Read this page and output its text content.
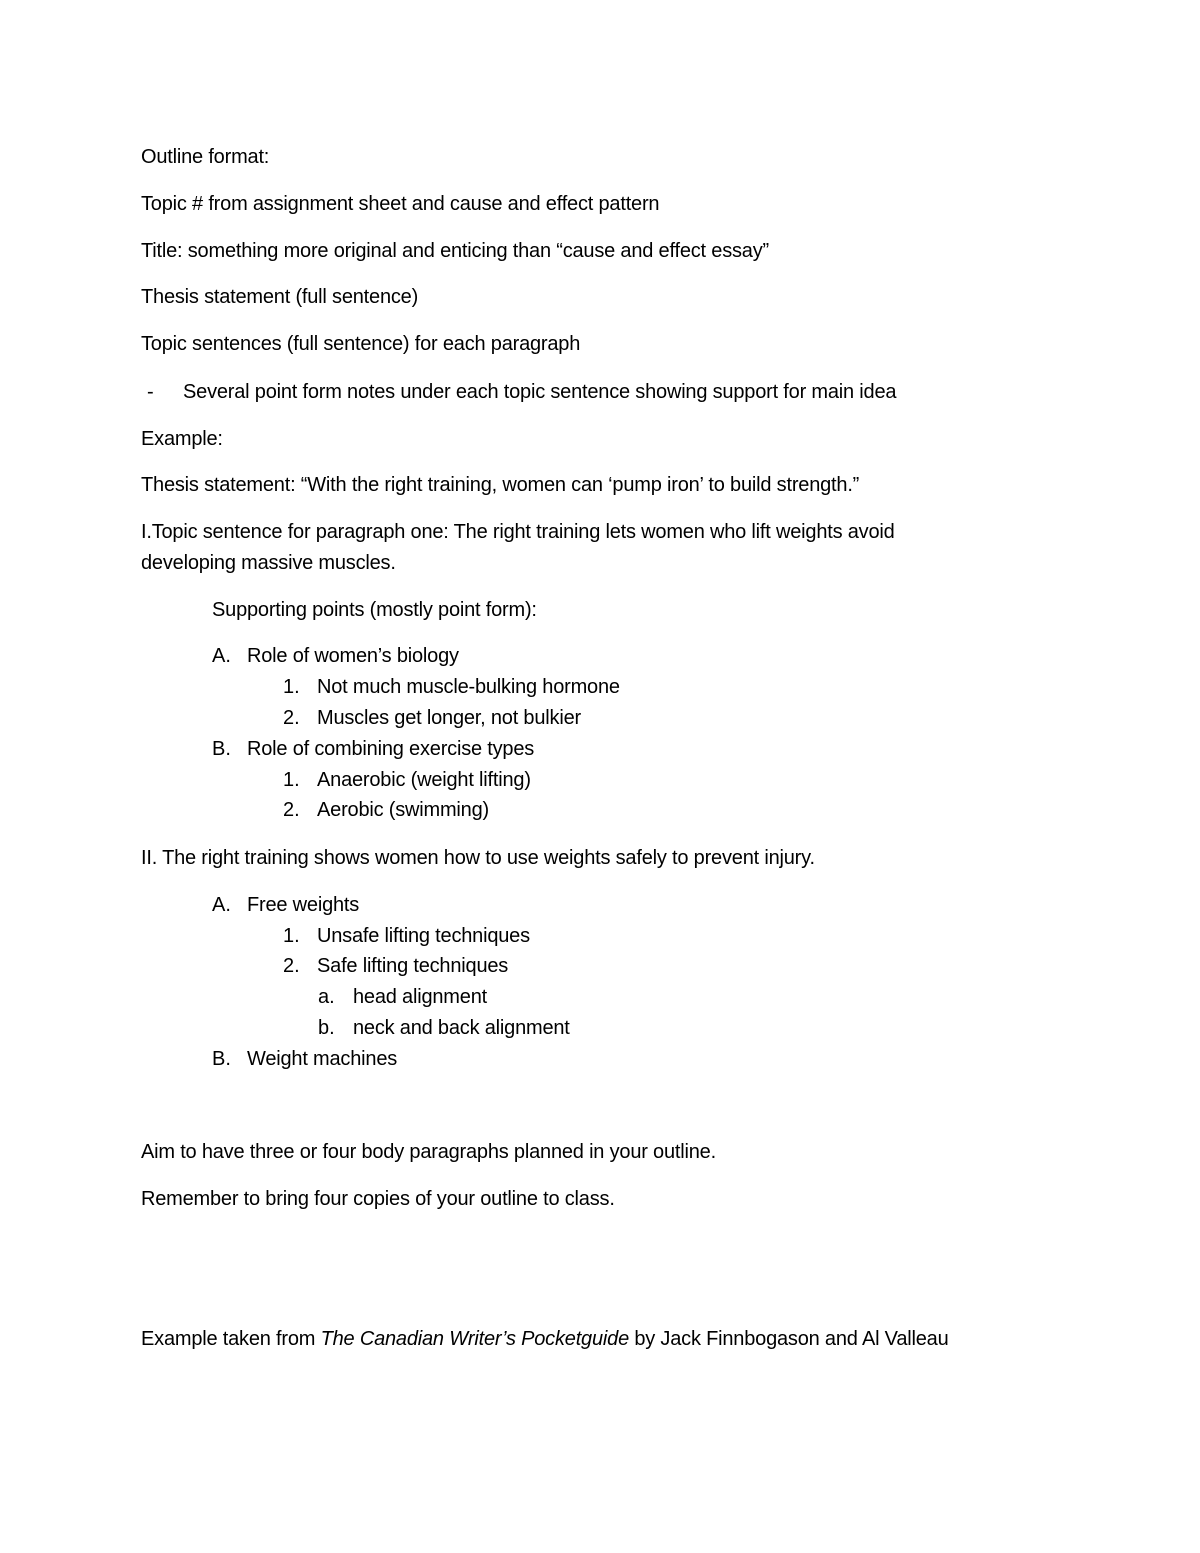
Outline format:
Topic # from assignment sheet and cause and effect pattern
Title: something more original and enticing than “cause and effect essay”
Thesis statement (full sentence)
Topic sentences (full sentence) for each paragraph
- Several point form notes under each topic sentence showing support for main idea
Example:
Thesis statement: “With the right training, women can ‘pump iron’ to build strength.”
I.Topic sentence for paragraph one: The right training lets women who lift weights avoid
developing massive muscles.
Supporting points (mostly point form):
A. Role of women’s biology
1. Not much muscle-bulking hormone
2. Muscles get longer, not bulkier
B. Role of combining exercise types
1. Anaerobic (weight lifting)
2. Aerobic (swimming)
II. The right training shows women how to use weights safely to prevent injury.
A. Free weights
1. Unsafe lifting techniques
2. Safe lifting techniques
a. head alignment
b. neck and back alignment
B. Weight machines
Aim to have three or four body paragraphs planned in your outline.
Remember to bring four copies of your outline to class.
Example taken from The Canadian Writer’s Pocketguide by Jack Finnbogason and Al Valleau
